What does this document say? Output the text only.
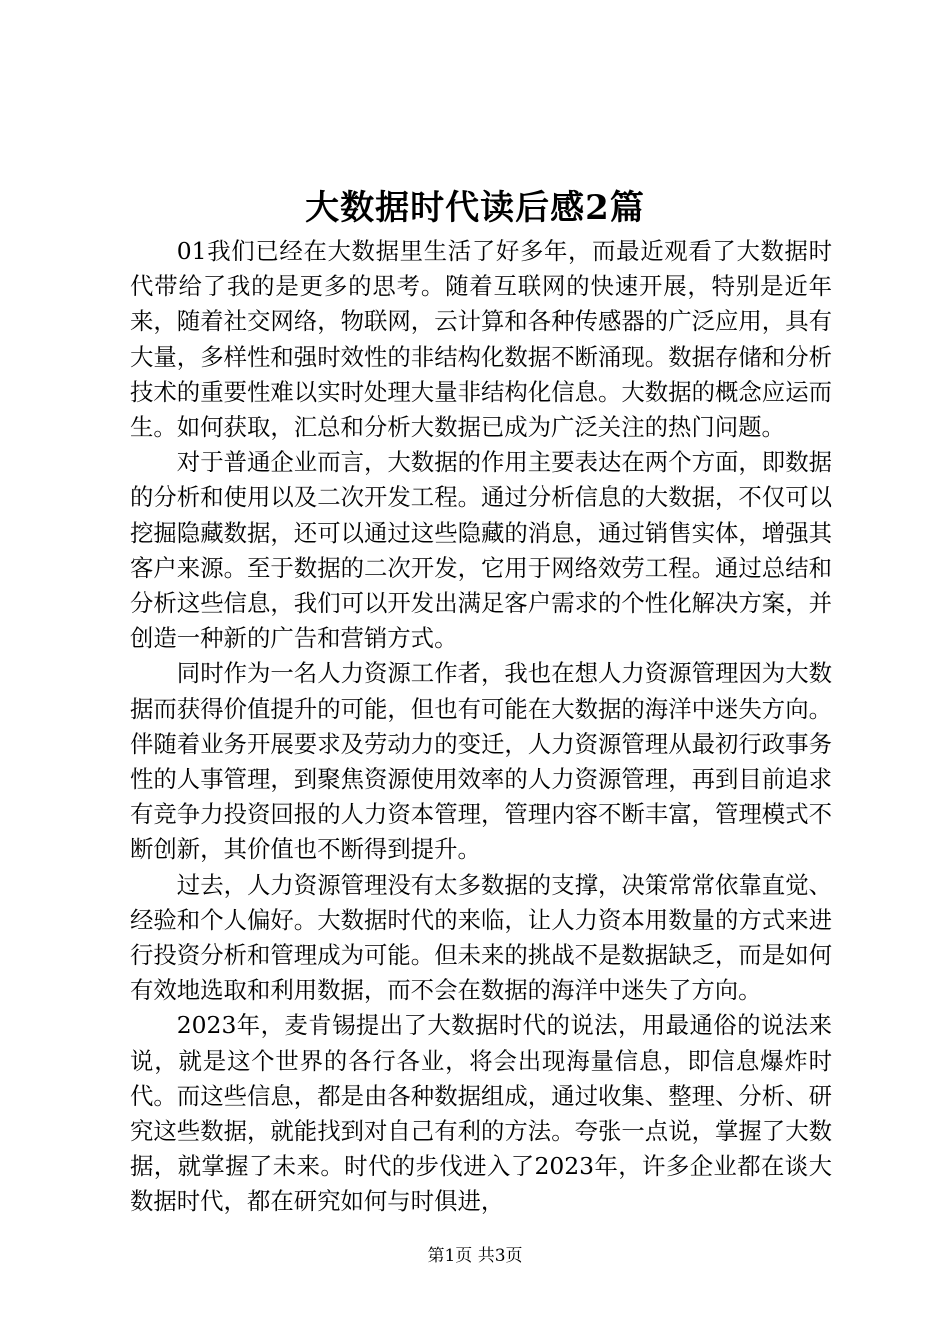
大数据时代读后感2篇

01我们已经在大数据里生活了好多年，而最近观看了大数据时代带给了我的是更多的思考。随着互联网的快速开展，特别是近年来，随着社交网络，物联网，云计算和各种传感器的广泛应用，具有大量，多样性和强时效性的非结构化数据不断涌现。数据存储和分析技术的重要性难以实时处理大量非结构化信息。大数据的概念应运而生。如何获取，汇总和分析大数据已成为广泛关注的热门问题。

对于普通企业而言，大数据的作用主要表达在两个方面，即数据的分析和使用以及二次开发工程。通过分析信息的大数据，不仅可以挖掘隐藏数据，还可以通过这些隐藏的消息，通过销售实体，增强其客户来源。至于数据的二次开发，它用于网络效劳工程。通过总结和分析这些信息，我们可以开发出满足客户需求的个性化解决方案，并创造一种新的广告和营销方式。

同时作为一名人力资源工作者，我也在想人力资源管理因为大数据而获得价值提升的可能，但也有可能在大数据的海洋中迷失方向。伴随着业务开展要求及劳动力的变迁，人力资源管理从最初行政事务性的人事管理，到聚焦资源使用效率的人力资源管理，再到目前追求有竞争力投资回报的人力资本管理，管理内容不断丰富，管理模式不断创新，其价值也不断得到提升。

过去，人力资源管理没有太多数据的支撑，决策常常依靠直觉、经验和个人偏好。大数据时代的来临，让人力资本用数量的方式来进行投资分析和管理成为可能。但未来的挑战不是数据缺乏，而是如何有效地选取和利用数据，而不会在数据的海洋中迷失了方向。

2023年，麦肯锡提出了大数据时代的说法，用最通俗的说法来说，就是这个世界的各行各业，将会出现海量信息，即信息爆炸时代。而这些信息，都是由各种数据组成，通过收集、整理、分析、研究这些数据，就能找到对自己有利的方法。夸张一点说，掌握了大数据，就掌握了未来。时代的步伐进入了2023年，许多企业都在谈大数据时代，都在研究如何与时俱进，

第1页 共3页
